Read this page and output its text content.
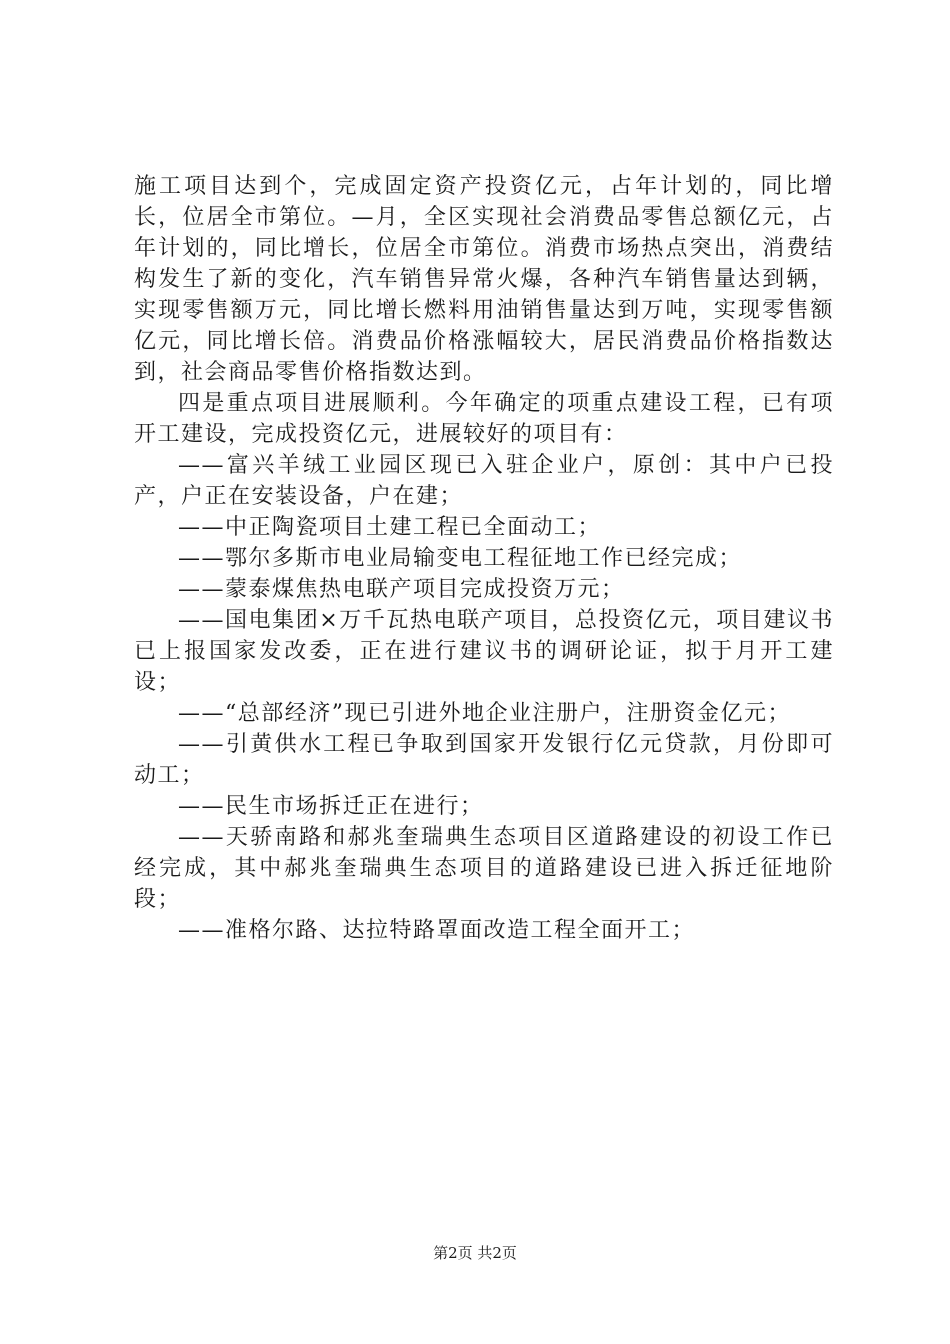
施工项目达到个，完成固定资产投资亿元，占年计划的，同比增长，位居全市第位。—月，全区实现社会消费品零售总额亿元，占年计划的，同比增长，位居全市第位。消费市场热点突出，消费结构发生了新的变化，汽车销售异常火爆，各种汽车销售量达到辆，实现零售额万元，同比增长燃料用油销售量达到万吨，实现零售额亿元，同比增长倍。消费品价格涨幅较大，居民消费品价格指数达到，社会商品零售价格指数达到。

四是重点项目进展顺利。今年确定的项重点建设工程，已有项开工建设，完成投资亿元，进展较好的项目有：

——富兴羊绒工业园区现已入驻企业户，原创：其中户已投产，户正在安装设备，户在建；

——中正陶瓷项目土建工程已全面动工；

——鄂尔多斯市电业局输变电工程征地工作已经完成；

——蒙泰煤焦热电联产项目完成投资万元；

——国电集团×万千瓦热电联产项目，总投资亿元，项目建议书已上报国家发改委，正在进行建议书的调研论证，拟于月开工建设；

——“总部经济”现已引进外地企业注册户，注册资金亿元；

——引黄供水工程已争取到国家开发银行亿元贷款，月份即可动工；

——民生市场拆迁正在进行；

——天骄南路和郝兆奎瑞典生态项目区道路建设的初设工作已经完成，其中郝兆奎瑞典生态项目的道路建设已进入拆迁征地阶段；

——准格尔路、达拉特路罩面改造工程全面开工；

第2页 共2页
